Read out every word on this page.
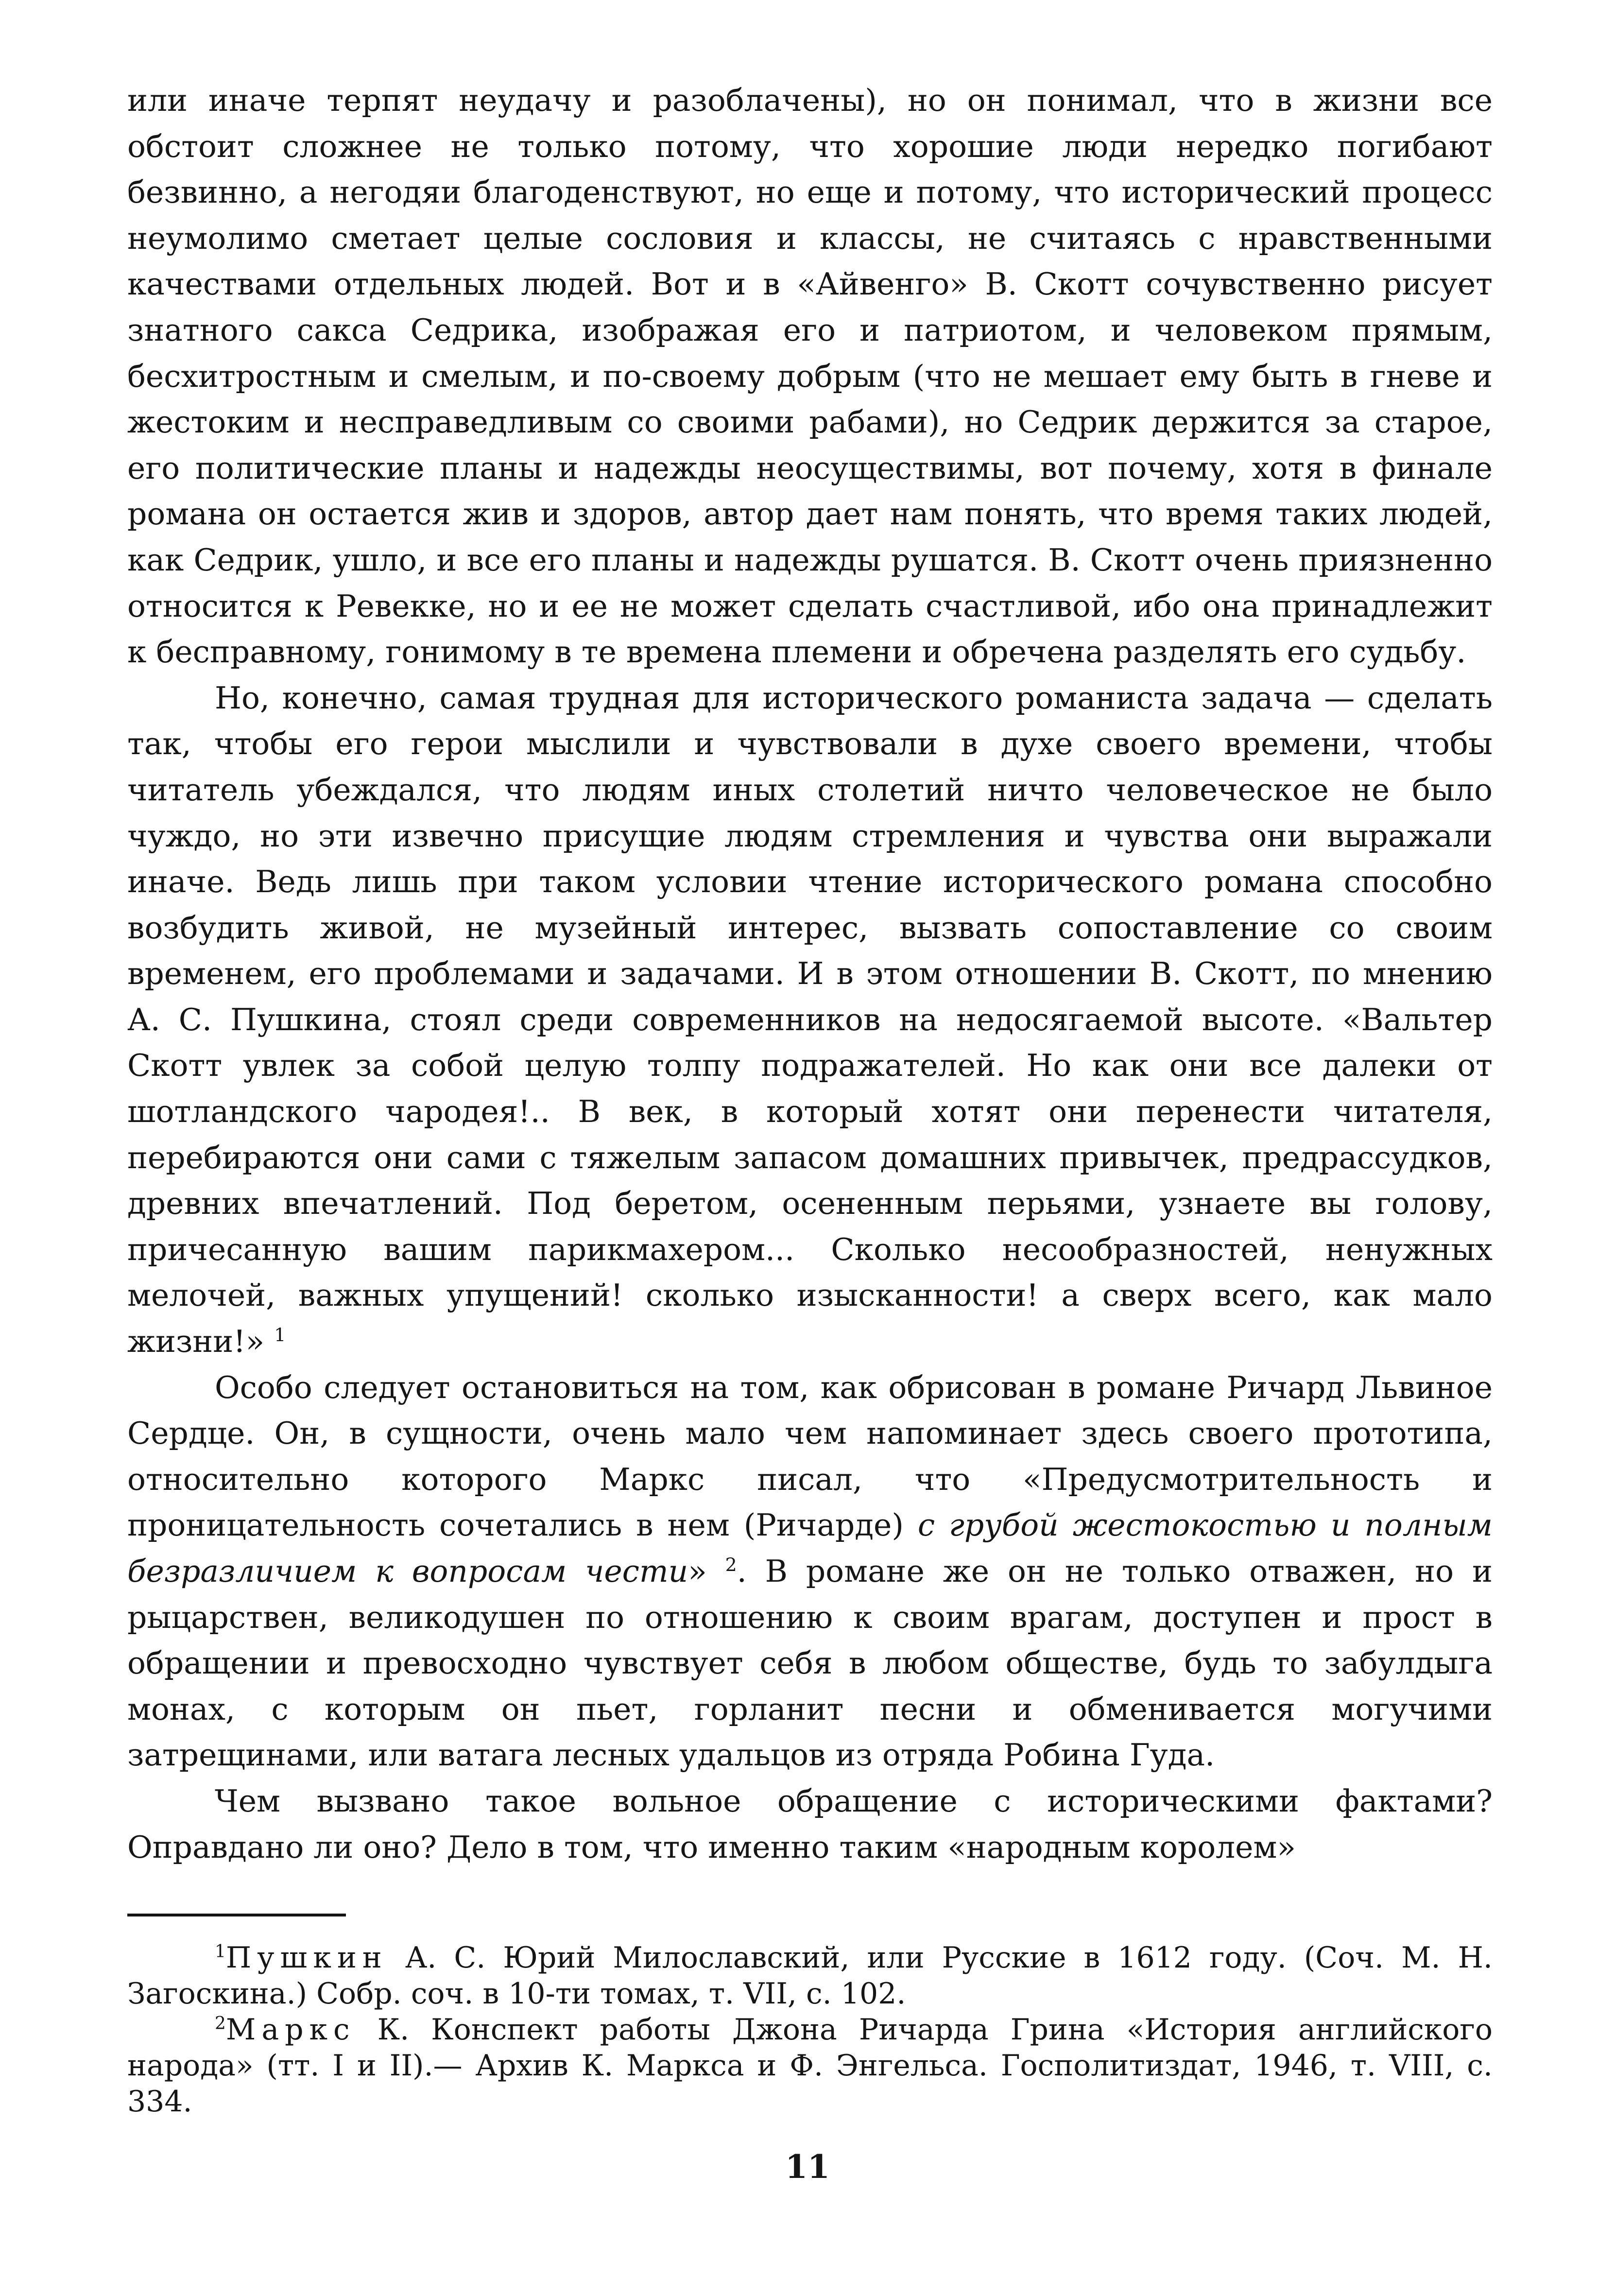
или иначе терпят неудачу и разоблачены), но он понимал, что в жизни все обстоит сложнее не только потому, что хорошие люди нередко погибают безвинно, а негодяи благоденствуют, но еще и потому, что исторический процесс неумолимо сметает целые сословия и классы, не считаясь с нравственными качествами отдельных людей. Вот и в «Айвенго» В. Скотт сочувственно рисует знатного сакса Седрика, изображая его и патриотом, и человеком прямым, бесхитростным и смелым, и по-своему добрым (что не мешает ему быть в гневе и жестоким и несправедливым со своими рабами), но Седрик держится за старое, его политические планы и надежды неосуществимы, вот почему, хотя в финале романа он остается жив и здоров, автор дает нам понять, что время таких людей, как Седрик, ушло, и все его планы и надежды рушатся. В. Скотт очень приязненно относится к Ревекке, но и ее не может сделать счастливой, ибо она принадлежит к бесправному, гонимому в те времена племени и обречена разделять его судьбу.

Но, конечно, самая трудная для исторического романиста задача — сделать так, чтобы его герои мыслили и чувствовали в духе своего времени, чтобы читатель убеждался, что людям иных столетий ничто человеческое не было чуждо, но эти извечно присущие людям стремления и чувства они выражали иначе. Ведь лишь при таком условии чтение исторического романа способно возбудить живой, не музейный интерес, вызвать сопоставление со своим временем, его проблемами и задачами. И в этом отношении В. Скотт, по мнению А. С. Пушкина, стоял среди современников на недосягаемой высоте. «Вальтер Скотт увлек за собой целую толпу подражателей. Но как они все далеки от шотландского чародея!.. В век, в который хотят они перенести читателя, перебираются они сами с тяжелым запасом домашних привычек, предрассудков, древних впечатлений. Под беретом, осененным перьями, узнаете вы голову, причесанную вашим парикмахером... Сколько несообразностей, ненужных мелочей, важных упущений! сколько изысканности! а сверх всего, как мало жизни!» $^1$

Особо следует остановиться на том, как обрисован в романе Ричард Львиное Сердце. Он, в сущности, очень мало чем напоминает здесь своего прототипа, относительно которого Маркс писал, что «Предусмотрительность и проницательность сочетались в нем (Ричарде) с грубой жестокостью и полным безразличием к вопросам чести» $^2$. В романе же он не только отважен, но и рыцарствен, великодушен по отношению к своим врагам, доступен и прост в обращении и превосходно чувствует себя в любом обществе, будь то забулдыга монах, с которым он пьет, горланит песни и обменивается могучими затрещинами, или ватага лесных удальцов из отряда Робина Гуда.

Чем вызвано такое вольное обращение с историческими фактами? Оправдано ли оно? Дело в том, что именно таким «народным королем»

$^1$Пушкин А. С. Юрий Милославский, или Русские в 1612 году. (Соч. М. Н. Загоскина.) Собр. соч. в 10-ти томах, т. VII, с. 102.

$^2$Маркс К. Конспект работы Джона Ричарда Грина «История английского народа» (тт. I и II).— Архив К. Маркса и Ф. Энгельса. Госполитиздат, 1946, т. VIII, с. 334.

11
